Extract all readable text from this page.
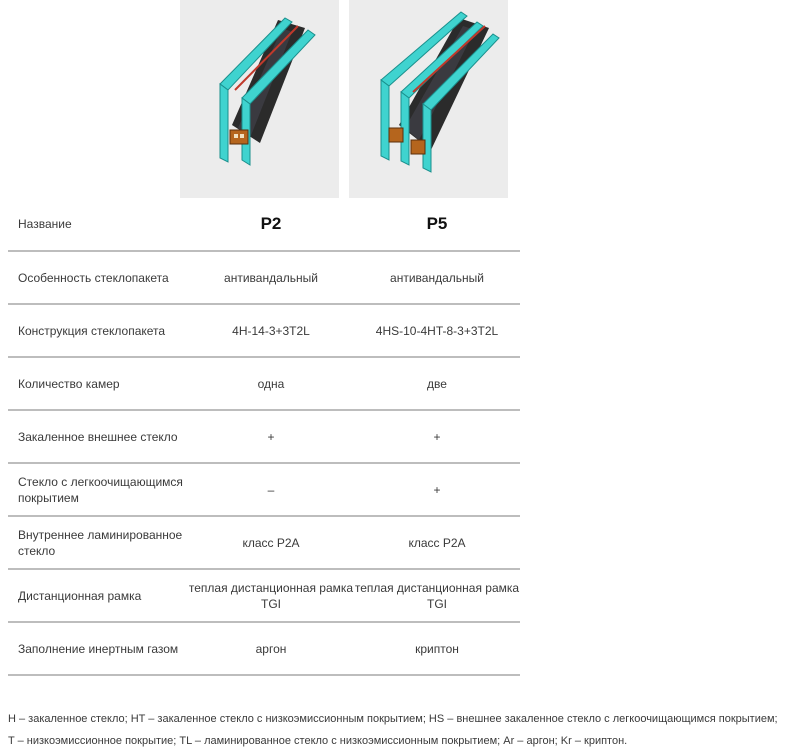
Название	P2	P5
Особенность стеклопакета	антивандальный	антивандальный
Конструкция стеклопакета	4H-14-3+3T2L	4HS-10-4HT-8-3+3T2L
Количество камер	одна	две
Закаленное внешнее стекло	+	+
Стекло с легкоочищающимся покрытием	–	+
Внутреннее ламинированное стекло	класс P2A	класс P2A
Дистанционная рамка	теплая дистанционная рамка TGI	теплая дистанционная рамка TGI
Заполнение инертным газом	аргон	криптон
H – закаленное стекло; HT – закаленное стекло с низкоэмиссионным покрытием; HS – внешнее закаленное стекло с легкоочищающимся покрытием;
T – низкоэмиссионное покрытие; TL – ламинированное стекло с низкоэмиссионным покрытием; Ar – аргон; Kr – криптон.
